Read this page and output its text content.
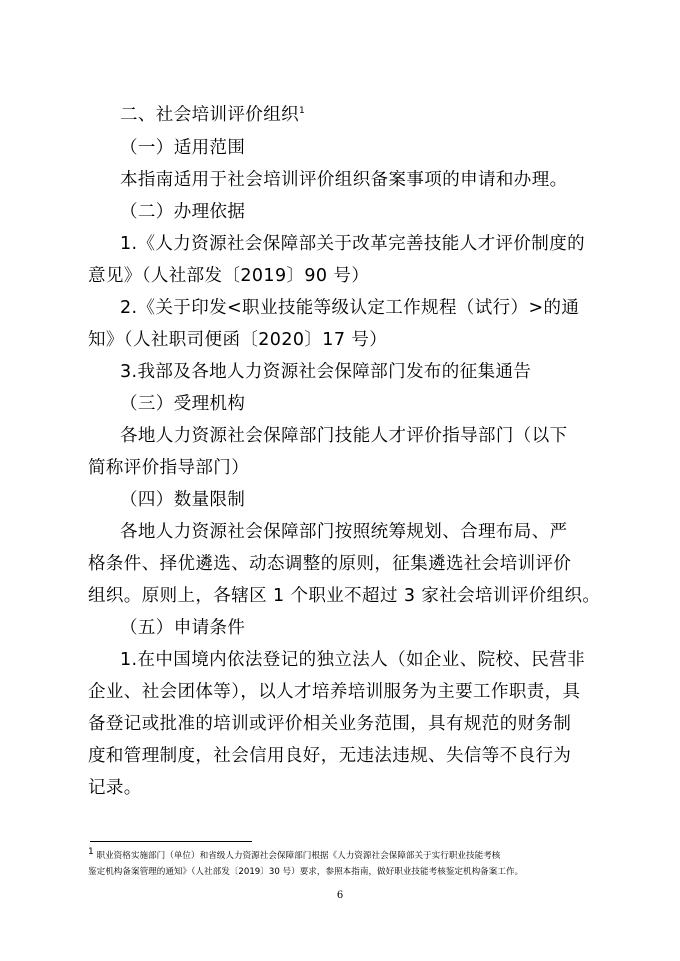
二、社会培训评价组织$^1$
（一）适用范围
本指南适用于社会培训评价组织备案事项的申请和办理。
（二）办理依据
1.《人力资源社会保障部关于改革完善技能人才评价制度的
意见》（人社部发〔2019〕90 号）
2.《关于印发<职业技能等级认定工作规程（试行）>的通
知》（人社职司便函〔2020〕17 号）
3.我部及各地人力资源社会保障部门发布的征集通告
（三）受理机构
各地人力资源社会保障部门技能人才评价指导部门（以下
简称评价指导部门）
（四）数量限制
各地人力资源社会保障部门按照统筹规划、合理布局、严
格条件、择优遴选、动态调整的原则，征集遴选社会培训评价
组织。原则上，各辖区 1 个职业不超过 3 家社会培训评价组织。
（五）申请条件
1.在中国境内依法登记的独立法人（如企业、院校、民营非
企业、社会团体等），以人才培养培训服务为主要工作职责，具
备登记或批准的培训或评价相关业务范围，具有规范的财务制
度和管理制度，社会信用良好，无违法违规、失信等不良行为
记录。
1 职业资格实施部门（单位）和省级人力资源社会保障部门根据《人力资源社会保障部关于实行职业技能考核
鉴定机构备案管理的通知》（人社部发〔2019〕30 号）要求，参照本指南，做好职业技能考核鉴定机构备案工作。
6
